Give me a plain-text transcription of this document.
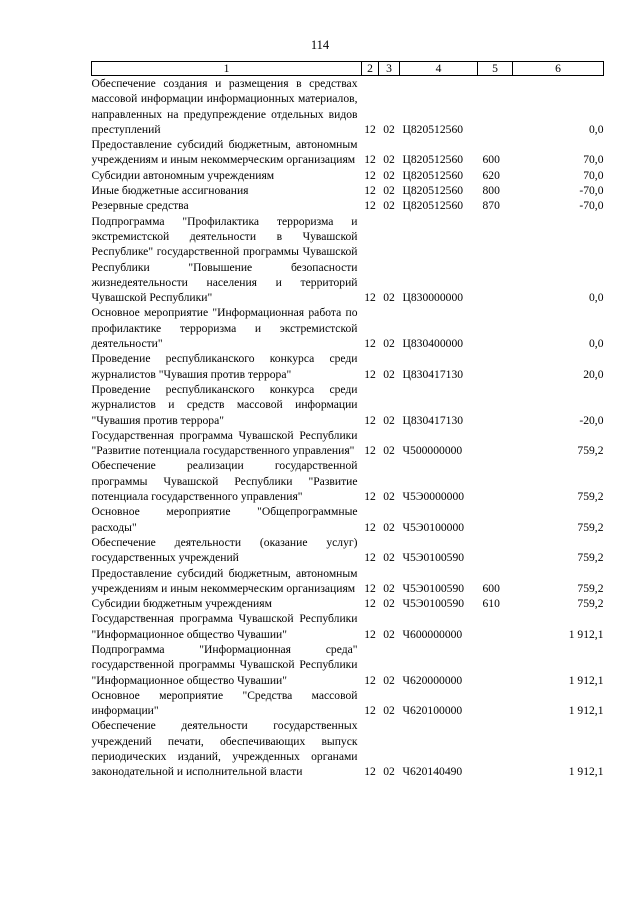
114
1	2	3	4	5	6
Обеспечение создания и размещения в средствах массовой информации информационных материалов, направленных на предупреждение отдельных видов преступлений	12	02	Ц820512560		0,0
Предоставление субсидий бюджетным, автономным учреждениям и иным некоммерческим организациям	12	02	Ц820512560	600	70,0
Субсидии автономным учреждениям	12	02	Ц820512560	620	70,0
Иные бюджетные ассигнования	12	02	Ц820512560	800	-70,0
Резервные средства	12	02	Ц820512560	870	-70,0
Подпрограмма "Профилактика терроризма и экстремистской деятельности в Чувашской Республике" государственной программы Чувашской Республики "Повышение безопасности жизнедеятельности населения и территорий Чувашской Республики"	12	02	Ц830000000		0,0
Основное мероприятие "Информационная работа по профилактике терроризма и экстремистской деятельности"	12	02	Ц830400000		0,0
Проведение республиканского конкурса среди журналистов "Чувашия против террора"	12	02	Ц830417130		20,0
Проведение республиканского конкурса среди журналистов и средств массовой информации "Чувашия против террора"	12	02	Ц830417130		-20,0
Государственная программа Чувашской Республики "Развитие потенциала государственного управления"	12	02	Ч500000000		759,2
Обеспечение реализации государственной программы Чувашской Республики "Развитие потенциала государственного управления"	12	02	Ч5Э0000000		759,2
Основное мероприятие "Общепрограммные расходы"	12	02	Ч5Э0100000		759,2
Обеспечение деятельности (оказание услуг) государственных учреждений	12	02	Ч5Э0100590		759,2
Предоставление субсидий бюджетным, автономным учреждениям и иным некоммерческим организациям	12	02	Ч5Э0100590	600	759,2
Субсидии бюджетным учреждениям	12	02	Ч5Э0100590	610	759,2
Государственная программа Чувашской Республики "Информационное общество Чувашии"	12	02	Ч600000000		1 912,1
Подпрограмма "Информационная среда" государственной программы Чувашской Республики "Информационное общество Чувашии"	12	02	Ч620000000		1 912,1
Основное мероприятие "Средства массовой информации"	12	02	Ч620100000		1 912,1
Обеспечение деятельности государственных учреждений печати, обеспечивающих выпуск периодических изданий, учрежденных органами законодательной и исполнительной власти	12	02	Ч620140490		1 912,1
